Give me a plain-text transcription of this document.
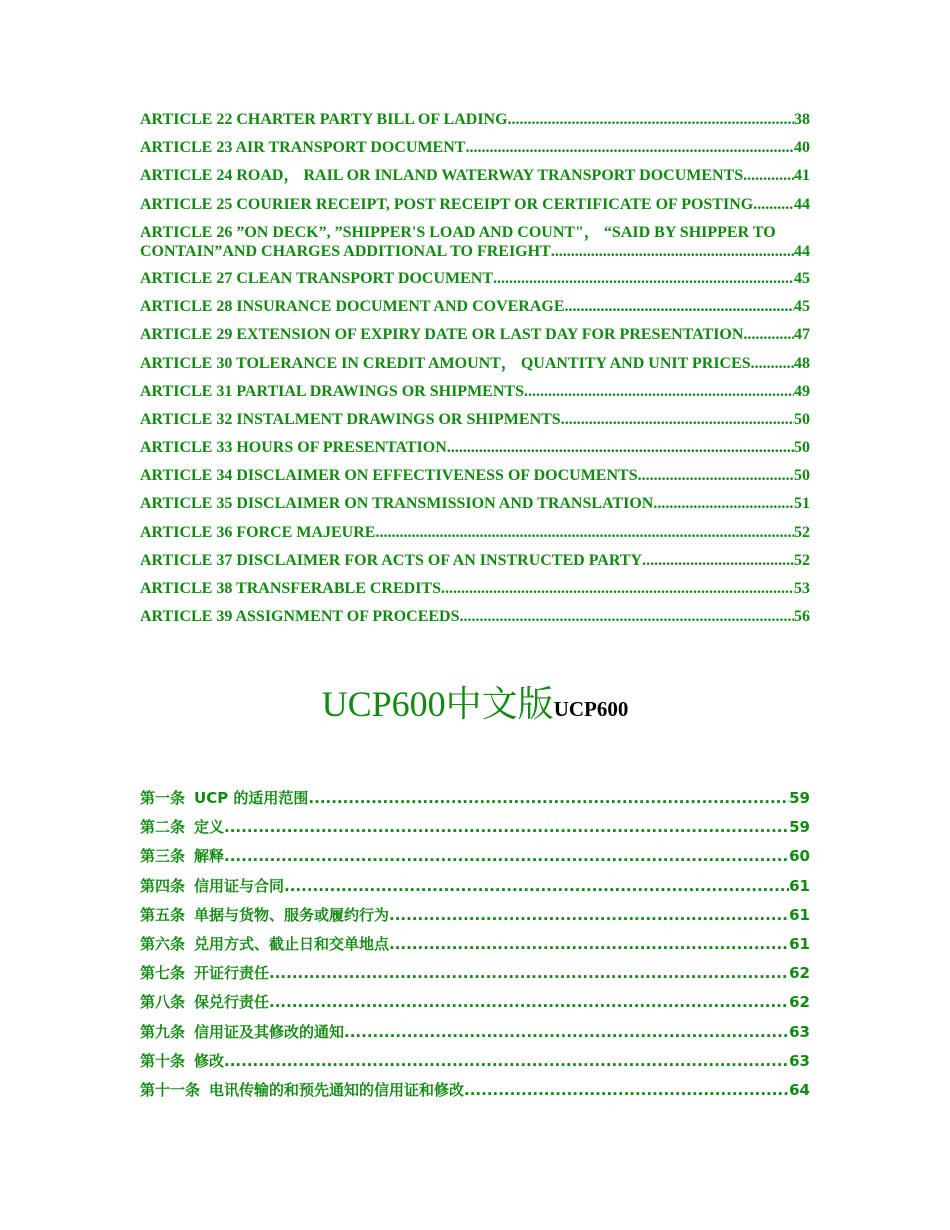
ARTICLE 22 CHARTER PARTY BILL OF LADING .....	38
ARTICLE 23 AIR TRANSPORT DOCUMENT .....	40
ARTICLE 24 ROAD， RAIL OR INLAND WATERWAY TRANSPORT DOCUMENTS .....	41
ARTICLE 25 COURIER RECEIPT, POST RECEIPT OR CERTIFICATE OF POSTING .....	44
ARTICLE 26 ”ON DECK”, ”SHIPPER'S LOAD AND COUNT"， “SAID BY SHIPPER TO
CONTAIN”AND CHARGES ADDITIONAL TO FREIGHT .....	44
ARTICLE 27 CLEAN TRANSPORT DOCUMENT .....	45
ARTICLE 28 INSURANCE DOCUMENT AND COVERAGE .....	45
ARTICLE 29 EXTENSION OF EXPIRY DATE OR LAST DAY FOR PRESENTATION .....	47
ARTICLE 30 TOLERANCE IN CREDIT AMOUNT， QUANTITY AND UNIT PRICES .....	48
ARTICLE 31 PARTIAL DRAWINGS OR SHIPMENTS .....	49
ARTICLE 32 INSTALMENT DRAWINGS OR SHIPMENTS .....	50
ARTICLE 33 HOURS OF PRESENTATION .....	50
ARTICLE 34 DISCLAIMER ON EFFECTIVENESS OF DOCUMENTS .....	50
ARTICLE 35 DISCLAIMER ON TRANSMISSION AND TRANSLATION .....	51
ARTICLE 36 FORCE MAJEURE .....	52
ARTICLE 37 DISCLAIMER FOR ACTS OF AN INSTRUCTED PARTY .....	52
ARTICLE 38 TRANSFERABLE CREDITS .....	53
ARTICLE 39 ASSIGNMENT OF PROCEEDS .....	56
UCP600中文版UCP600
第一条 UCP 的适用范围 .....	59
第二条 定义 .....	59
第三条 解释 .....	60
第四条 信用证与合同 .....	61
第五条 单据与货物、服务或履约行为 .....	61
第六条 兑用方式、截止日和交单地点 .....	61
第七条 开证行责任 .....	62
第八条 保兑行责任 .....	62
第九条 信用证及其修改的通知 .....	63
第十条 修改 .....	63
第十一条 电讯传输的和预先通知的信用证和修改 .....	64
